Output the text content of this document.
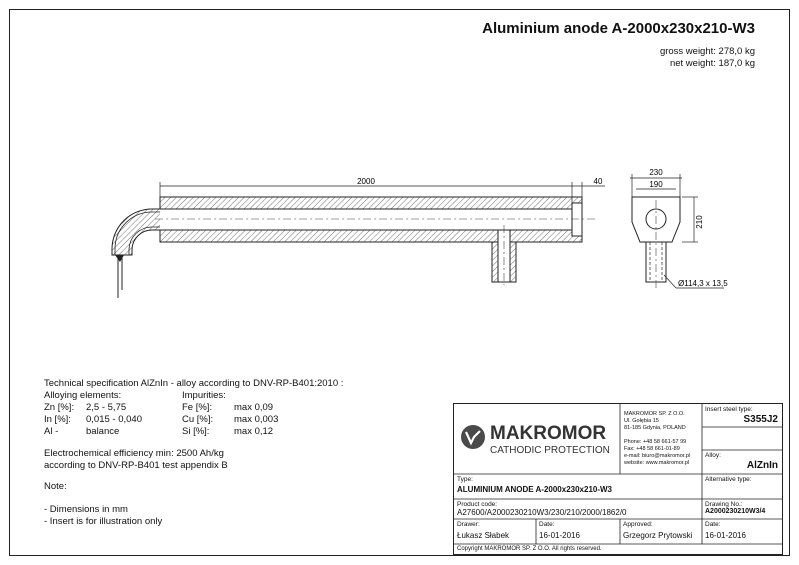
Aluminium anode A-2000x230x210-W3
gross weight: 278,0 kg
net weight: 187,0 kg
2000	40
230
190
210
Ø114,3 x 13,5
Technical specification AlZnIn - alloy according to DNV-RP-B401:2010 :
Alloying elements:	Impurities:
Zn [%]: 2,5 - 5,75
In [%]: 0,015 - 0,040
Al -	balance
Fe [%]: max 0,09
Cu [%]: max 0,003
Si [%]:	max 0,12
Electrochemical efficiency min: 2500 Ah/kg
according to DNV-RP-B401 test appendix B
Note:
- Dimensions in mm
- Insert is for illustration only
MAKROMOR
CATHODIC PROTECTION
MAKROMOR SP. Z O.O.
Ul. Gołębia 15
81-185 Gdynia, POLAND
Phone: +48 58 661-57 99
Fax: +48 58 661-01-89
e-mail: biuro@makromor.pl
website: www.makromor.pl
Insert steel type:
S355J2
Alloy:
AlZnIn
Alternative type:
Type:
ALUMINIUM ANODE A-2000x230x210-W3
Product code:
A27600/A2000230210W3/230/210/2000/1862/0
Drawing No.:
A2000230210W3/4
Drawer:
Łukasz Słabek
Date:
16-01-2016
Approved:
Grzegorz Prytowski
Date:
16-01-2016
Copyright MAKROMOR SP. Z O.O. All rights reserved.
